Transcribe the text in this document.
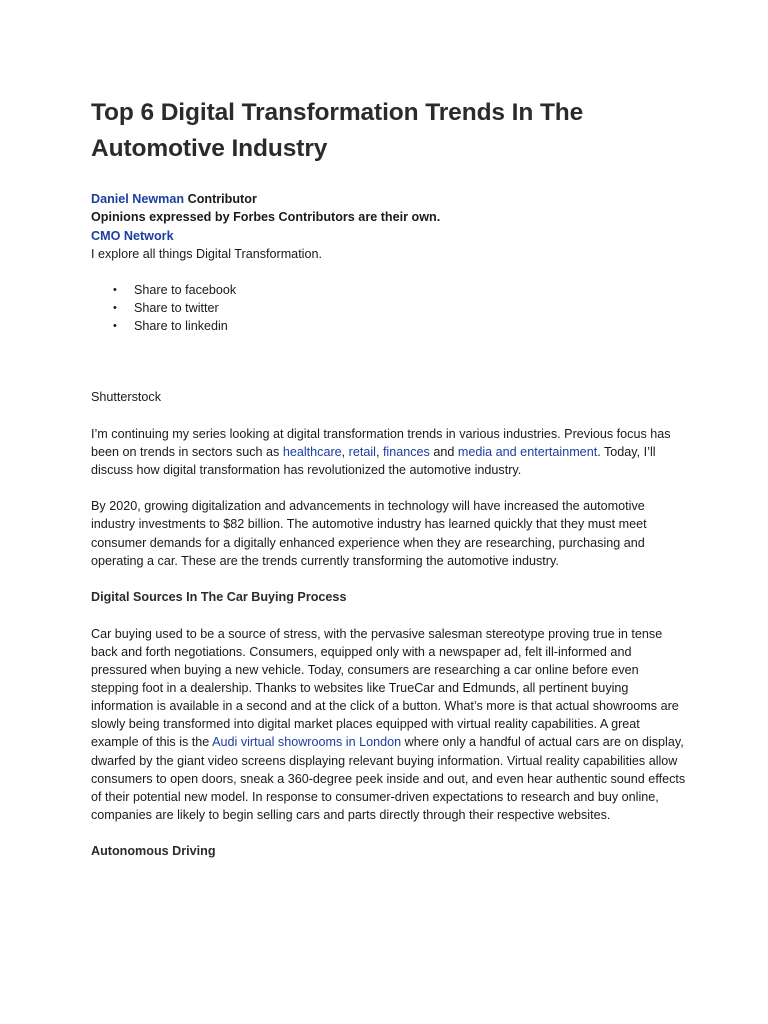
Top 6 Digital Transformation Trends In The Automotive Industry
Daniel Newman Contributor
Opinions expressed by Forbes Contributors are their own.
CMO Network
I explore all things Digital Transformation.
• Share to facebook
• Share to twitter
• Share to linkedin
Shutterstock

I’m continuing my series looking at digital transformation trends in various industries. Previous focus has been on trends in sectors such as healthcare, retail, finances and media and entertainment. Today, I’ll discuss how digital transformation has revolutionized the automotive industry.

By 2020, growing digitalization and advancements in technology will have increased the automotive industry investments to $82 billion. The automotive industry has learned quickly that they must meet consumer demands for a digitally enhanced experience when they are researching, purchasing and operating a car. These are the trends currently transforming the automotive industry.

Digital Sources In The Car Buying Process

Car buying used to be a source of stress, with the pervasive salesman stereotype proving true in tense back and forth negotiations. Consumers, equipped only with a newspaper ad, felt ill-informed and pressured when buying a new vehicle. Today, consumers are researching a car online before even stepping foot in a dealership. Thanks to websites like TrueCar and Edmunds, all pertinent buying information is available in a second and at the click of a button. What’s more is that actual showrooms are slowly being transformed into digital market places equipped with virtual reality capabilities. A great example of this is the Audi virtual showrooms in London where only a handful of actual cars are on display, dwarfed by the giant video screens displaying relevant buying information. Virtual reality capabilities allow consumers to open doors, sneak a 360-degree peek inside and out, and even hear authentic sound effects of their potential new model. In response to consumer-driven expectations to research and buy online, companies are likely to begin selling cars and parts directly through their respective websites.

Autonomous Driving
